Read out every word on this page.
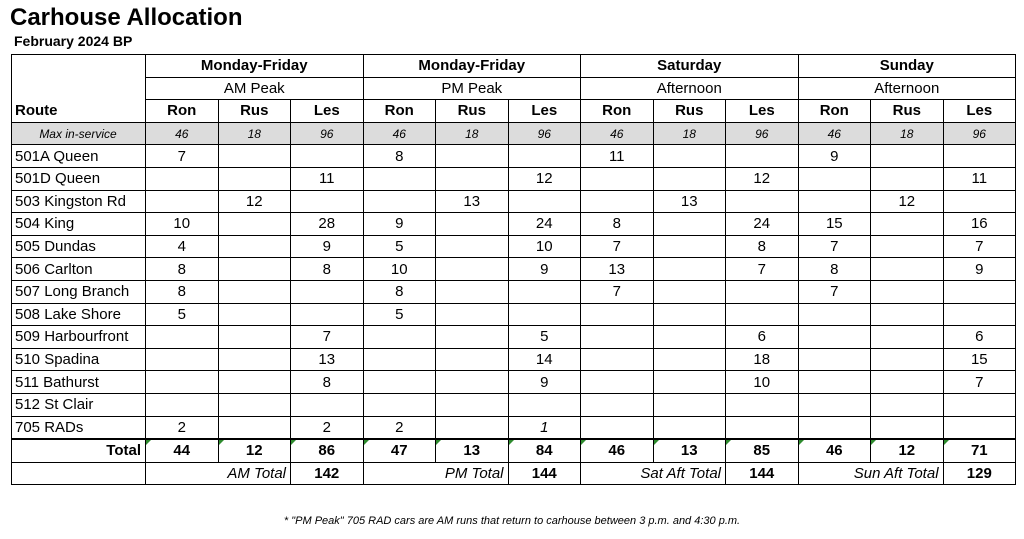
Carhouse Allocation
February 2024 BP
	Monday-Friday			Monday-Friday			Saturday			Sunday		
	AM Peak			PM Peak			Afternoon			Afternoon		
Route	Ron	Rus	Les	Ron	Rus	Les	Ron	Rus	Les	Ron	Rus	Les
Max in-service	46	18	96	46	18	96	46	18	96	46	18	96
501A Queen	7			8			11			9		
501D Queen			11			12			12			11
503 Kingston Rd		12			13			13			12	
504 King	10		28	9		24	8		24	15		16
505 Dundas	4		9	5		10	7		8	7		7
506 Carlton	8		8	10		9	13		7	8		9
507 Long Branch	8			8			7			7		
508 Lake Shore	5			5								
509 Harbourfront			7			5			6			6
510 Spadina			13			14			18			15
511 Bathurst			8			9			10			7
512 St Clair												
705 RADs	2		2	2		1						
Total	44	12	86	47	13	84	46	13	85	46	12	71
	AM Total		142	PM Total		144	Sat Aft Total		144	Sun Aft Total		129
* "PM Peak" 705 RAD cars are AM runs that return to carhouse between 3 p.m. and 4:30 p.m.
